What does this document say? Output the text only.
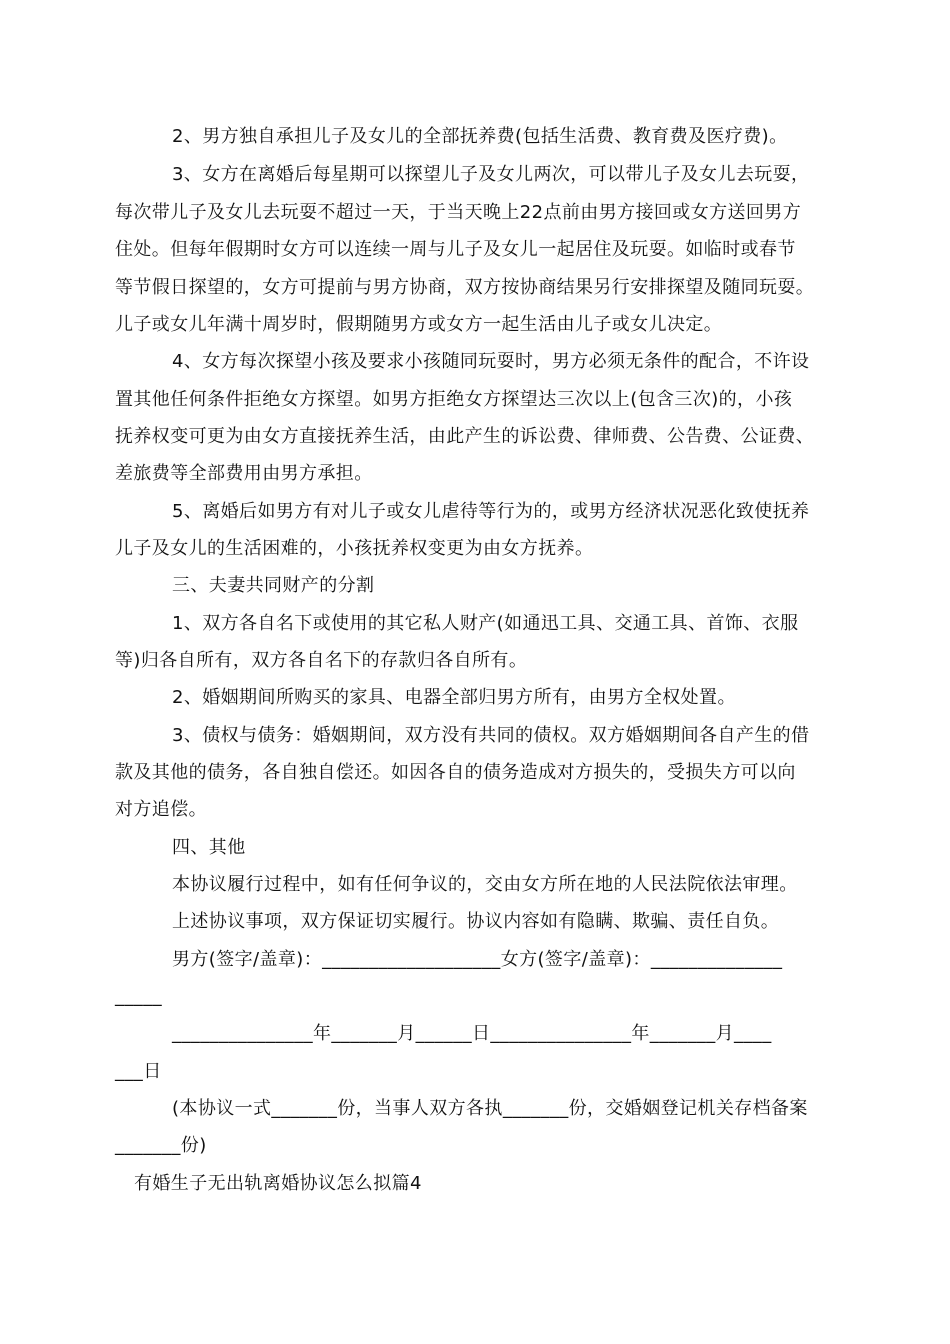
2、男方独自承担儿子及女儿的全部抚养费(包括生活费、教育费及医疗费)。
3、女方在离婚后每星期可以探望儿子及女儿两次，可以带儿子及女儿去玩耍，
每次带儿子及女儿去玩耍不超过一天，于当天晚上22点前由男方接回或女方送回男方
住处。但每年假期时女方可以连续一周与儿子及女儿一起居住及玩耍。如临时或春节
等节假日探望的，女方可提前与男方协商，双方按协商结果另行安排探望及随同玩耍。
儿子或女儿年满十周岁时，假期随男方或女方一起生活由儿子或女儿决定。
4、女方每次探望小孩及要求小孩随同玩耍时，男方必须无条件的配合，不许设
置其他任何条件拒绝女方探望。如男方拒绝女方探望达三次以上(包含三次)的，小孩
抚养权变可更为由女方直接抚养生活，由此产生的诉讼费、律师费、公告费、公证费、
差旅费等全部费用由男方承担。
5、离婚后如男方有对儿子或女儿虐待等行为的，或男方经济状况恶化致使抚养
儿子及女儿的生活困难的，小孩抚养权变更为由女方抚养。
三、夫妻共同财产的分割
1、双方各自名下或使用的其它私人财产(如通迅工具、交通工具、首饰、衣服
等)归各自所有，双方各自名下的存款归各自所有。
2、婚姻期间所购买的家具、电器全部归男方所有，由男方全权处置。
3、债权与债务：婚姻期间，双方没有共同的债权。双方婚姻期间各自产生的借
款及其他的债务，各自独自偿还。如因各自的债务造成对方损失的，受损失方可以向
对方追偿。
四、其他
本协议履行过程中，如有任何争议的，交由女方所在地的人民法院依法审理。
上述协议事项，双方保证切实履行。协议内容如有隐瞒、欺骗、责任自负。
男方(签字/盖章)：___________________女方(签字/盖章)：______________
_____
_______________年_______月______日_______________年_______月____
___日
(本协议一式_______份，当事人双方各执_______份，交婚姻登记机关存档备案
_______份)
有婚生子无出轨离婚协议怎么拟篇4
